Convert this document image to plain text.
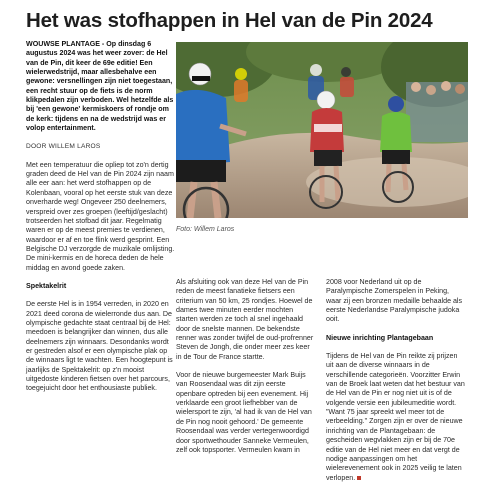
Het was stofhappen in Hel van de Pin 2024

WOUWSE PLANTAGE - Op dinsdag 6 augustus 2024 was het weer zover: de Hel van de Pin, dit keer de 69e editie! Een wielerwedstrijd, maar allesbehalve een gewone: versnellingen zijn niet toegestaan, een recht stuur op de fiets is de norm klikpedalen zijn verboden. Wel hetzelfde als bij 'een gewone' kermiskoers of rondje om de kerk: tijdens en na de wedstrijd was er volop entertainment.

DOOR WILLEM LAROS

Met een temperatuur die opliep tot zo'n dertig graden deed de Hel van de Pin 2024 zijn naam alle eer aan: het werd stofhappen op de Kolenbaan, vooral op het eerste stuk van deze onverharde weg! Ongeveer 250 deelnemers, verspreid over zes groepen (leeftijd/geslacht) trotseerden het stofbad dit jaar. Regelmatig waren er op de meest premies te verdienen, waardoor er af en toe flink werd gesprint. Een Belgische DJ verzorgde de muzikale omlijsting. De mini-kermis en de horeca deden de hele middag en avond goede zaken.

Spektakelrit

De eerste Hel is in 1954 verreden, in 2020 en 2021 deed corona de wielerronde dus aan. De olympische gedachte staat centraal bij de Hel: meedoen is belangrijker dan winnen, dus alle deelnemers zijn winnaars. Desondanks wordt er gestreden alsof er een olympische plak op de winnaars ligt te wachten. Een hoogtepunt is jaarlijks de Spektakelrit: op z'n mooist uitgedoste kinderen fietsen over het parcours, toegejuicht door het enthousiaste publiek.

Foto: Willem Laros

Als afsluiting ook van deze Hel van de Pin reden de meest fanatieke fietsers een criterium van 50 km, 25 rondjes. Hoewel de dames twee minuten eerder mochten starten werden ze toch al snel ingehaald door de snelste mannen. De bekendste renner was zonder twijfel de oud-profrenner Steven de Jongh, die onder meer zes keer in de Tour de France startte.

Voor de nieuwe burgemeester Mark Buijs van Roosendaal was dit zijn eerste openbare optreden bij een evenement. Hij verklaarde een groot liefhebber van de wielersport te zijn, 'al had ik van de Hel van de Pin nog nooit gehoord.' De gemeente Roosendaal was verder vertegenwoordigd door sportwethouder Sanneke Vermeulen, zelf ook topsporter. Vermeulen kwam in

2008 voor Nederland uit op de Paralympische Zomerspelen in Peking, waar zij een bronzen medaille behaalde als eerste Nederlandse Paralympische judoka ooit.

Nieuwe inrichting Plantagebaan

Tijdens de Hel van de Pin reikte zij prijzen uit aan de diverse winnaars in de verschillende categorieën. Voorzitter Erwin van de Broek laat weten dat het bestuur van de Hel van de Pin er nog niet uit is of de volgende versie een jubileumeditie wordt. "Want 75 jaar spreekt wel meer tot de verbeelding." Zorgen zijn er over de nieuwe inrichting van de Plantagebaan: de gescheiden wegvlakken zijn er bij de 70e editie van de Hel niet meer en dat vergt de nodige aanpassingen om het wielerevenement ook in 2025 veilig te laten verlopen.
